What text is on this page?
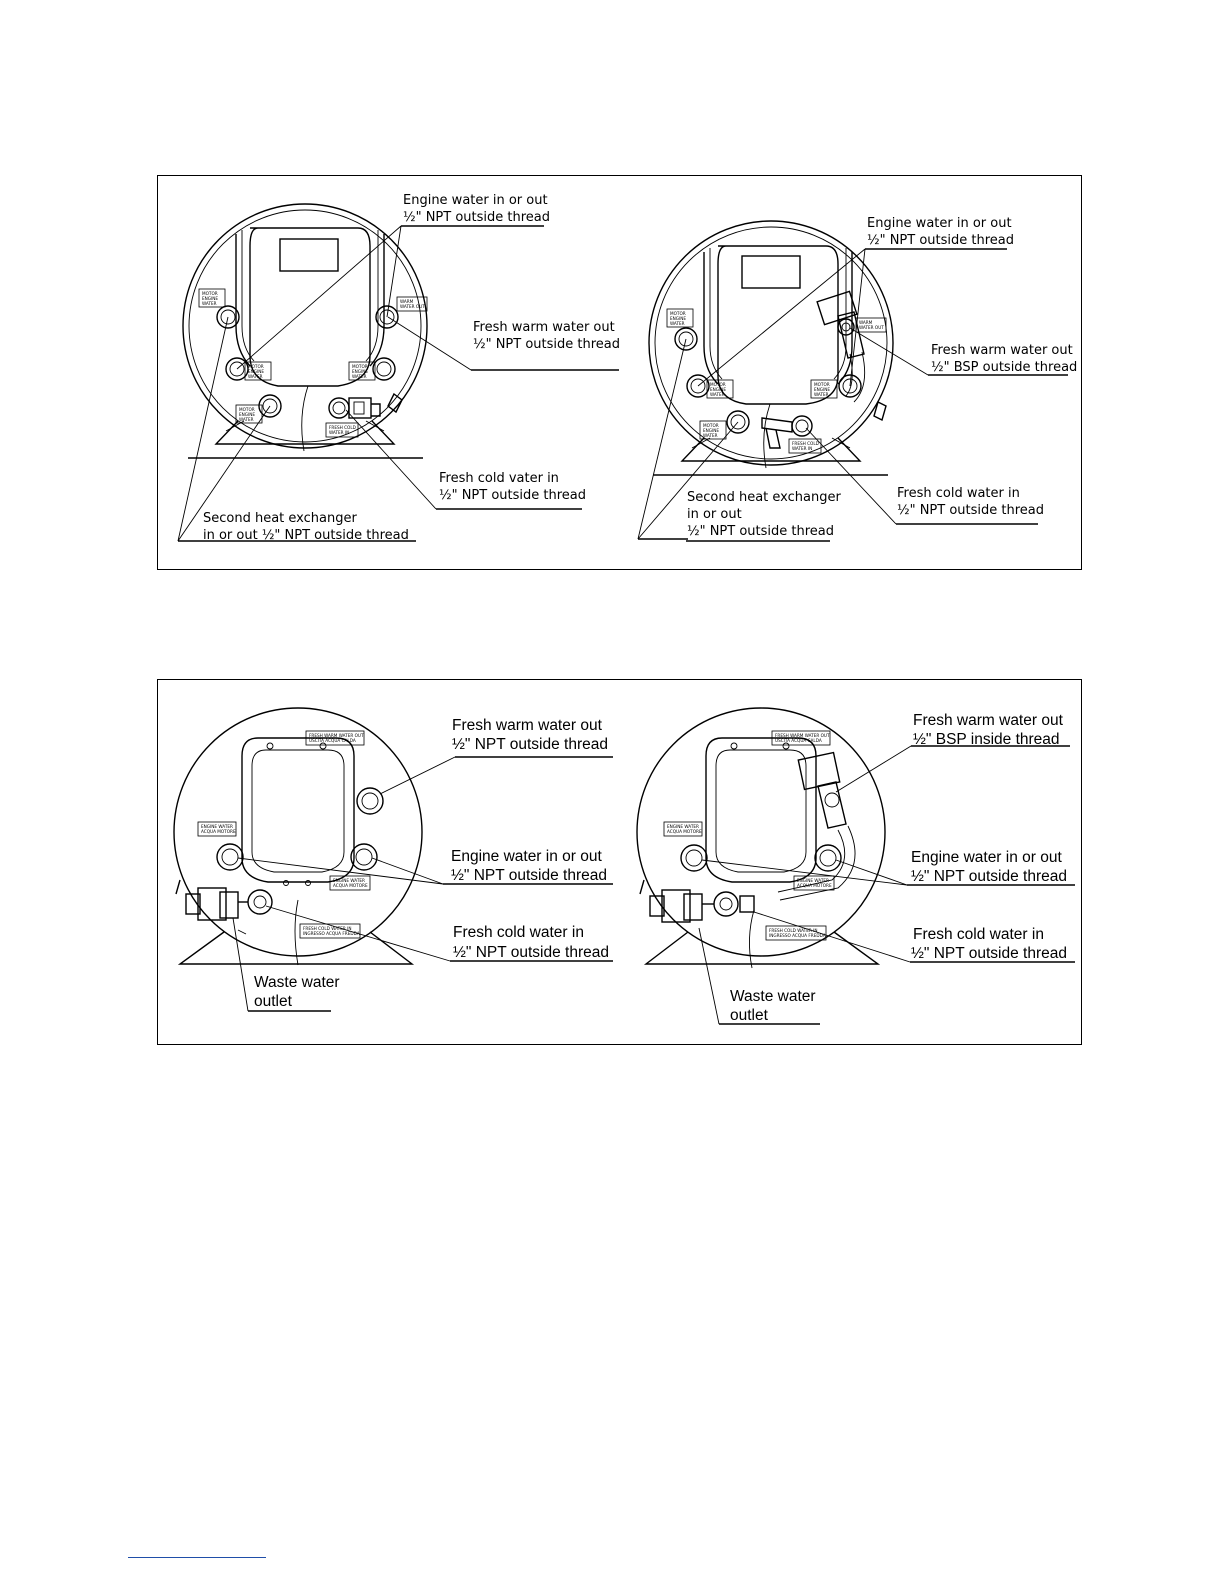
MOTOR
ENGINE
WATER	WARM
WATER OUT
MOTOR
ENGINE
WATER
MOTOR
ENGINE
WATER
MOTOR
ENGINE
WATER
FRESH COLD
WATER IN
Engine water in or out
½" NPT outside thread
Fresh warm water out
½" NPT outside thread
Fresh cold vater in
½" NPT outside thread
Second heat exchanger
in or out ½" NPT outside thread
MOTOR
ENGINE
WATER	WARM
WATER OUT
MOTOR
ENGINE
WATER
MOTOR
ENGINE
WATER
MOTOR
ENGINE
WATER
FRESH COLD
WATER IN
Engine water in or out
½" NPT outside thread
Fresh warm water out
½" BSP outside thread
Fresh cold water in
½" NPT outside thread
Second heat exchanger
in or out
½" NPT outside thread
FRESH WARM WATER OUT
USCITA ACQUA CALDA
ENGINE WATER
ACQUA MOTORE
ENGINE WATER
ACQUA MOTORE
FRESH COLD WATER IN
INGRESSO ACQUA FREDDA
Fresh warm water out
½" NPT outside thread
Engine water in or out
½" NPT outside thread
Fresh cold water in
½" NPT outside thread
Waste water
outlet
FRESH WARM WATER OUT
USCITA ACQUA CALDA
ENGINE WATER
ACQUA MOTORE
ENGINE WATER
ACQUA MOTORE
FRESH COLD WATER IN
INGRESSO ACQUA FREDDA
Fresh warm water out
½" BSP inside thread
Engine water in or out
½" NPT outside thread
Fresh cold water in
½" NPT outside thread
Waste water
outlet
